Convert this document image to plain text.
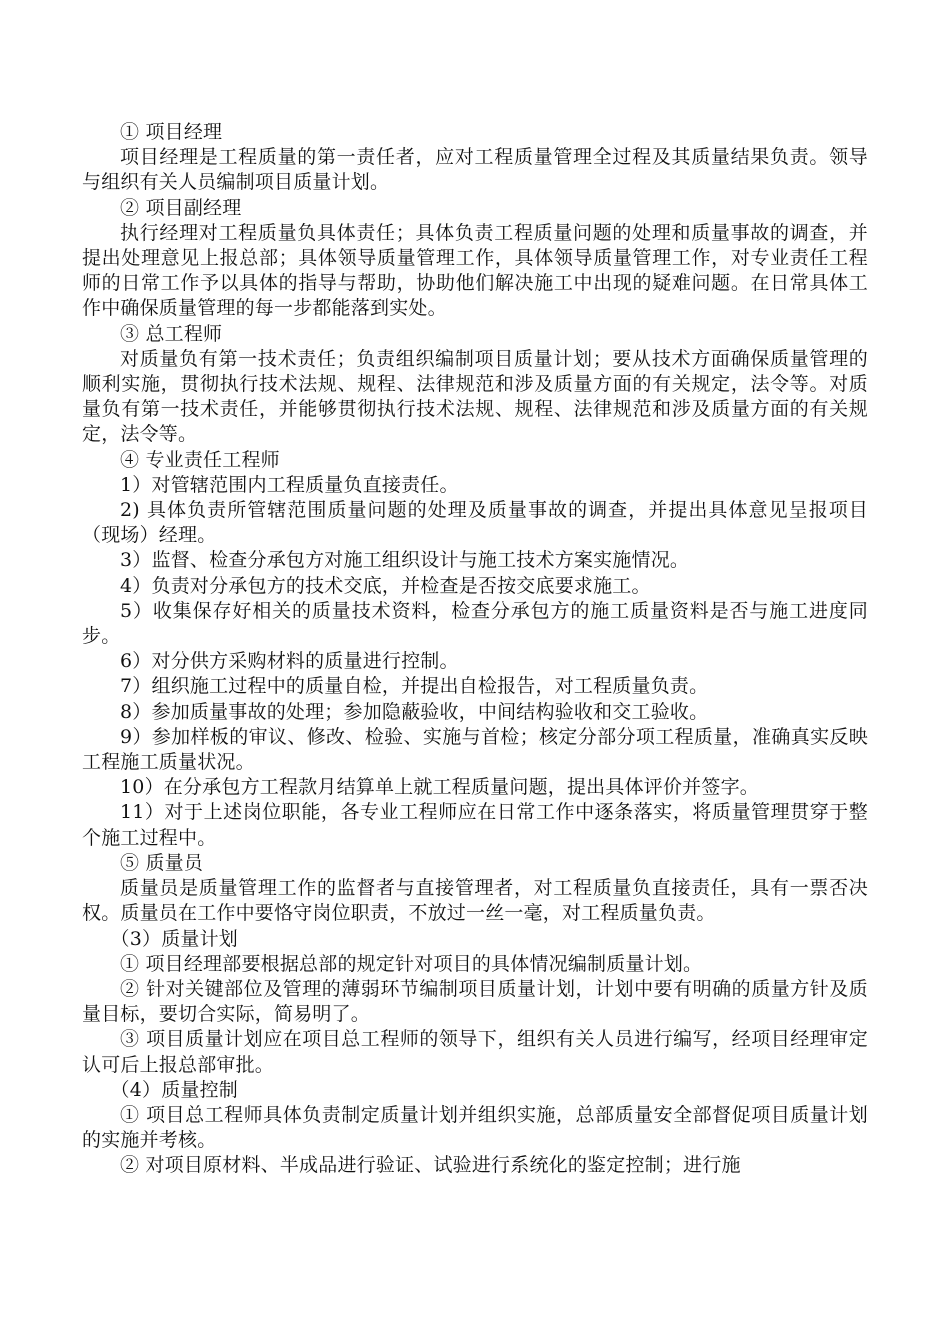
① 项目经理

项目经理是工程质量的第一责任者，应对工程质量管理全过程及其质量结果负责。领导与组织有关人员编制项目质量计划。

② 项目副经理

执行经理对工程质量负具体责任；具体负责工程质量问题的处理和质量事故的调查，并提出处理意见上报总部；具体领导质量管理工作，具体领导质量管理工作，对专业责任工程师的日常工作予以具体的指导与帮助，协助他们解决施工中出现的疑难问题。在日常具体工作中确保质量管理的每一步都能落到实处。

③ 总工程师

对质量负有第一技术责任；负责组织编制项目质量计划；要从技术方面确保质量管理的顺利实施，贯彻执行技术法规、规程、法律规范和涉及质量方面的有关规定，法令等。对质量负有第一技术责任，并能够贯彻执行技术法规、规程、法律规范和涉及质量方面的有关规定，法令等。

④ 专业责任工程师

1）对管辖范围内工程质量负直接责任。

2) 具体负责所管辖范围质量问题的处理及质量事故的调查，并提出具体意见呈报项目（现场）经理。

3）监督、检查分承包方对施工组织设计与施工技术方案实施情况。

4）负责对分承包方的技术交底，并检查是否按交底要求施工。

5）收集保存好相关的质量技术资料，检查分承包方的施工质量资料是否与施工进度同步。

6）对分供方采购材料的质量进行控制。

7）组织施工过程中的质量自检，并提出自检报告，对工程质量负责。

8）参加质量事故的处理；参加隐蔽验收，中间结构验收和交工验收。

9）参加样板的审议、修改、检验、实施与首检；核定分部分项工程质量，准确真实反映工程施工质量状况。

10）在分承包方工程款月结算单上就工程质量问题，提出具体评价并签字。

11）对于上述岗位职能，各专业工程师应在日常工作中逐条落实，将质量管理贯穿于整个施工过程中。

⑤ 质量员

质量员是质量管理工作的监督者与直接管理者，对工程质量负直接责任，具有一票否决权。质量员在工作中要恪守岗位职责，不放过一丝一毫，对工程质量负责。

（3）质量计划

① 项目经理部要根据总部的规定针对项目的具体情况编制质量计划。

② 针对关键部位及管理的薄弱环节编制项目质量计划，计划中要有明确的质量方针及质量目标，要切合实际，简易明了。

③ 项目质量计划应在项目总工程师的领导下，组织有关人员进行编写，经项目经理审定认可后上报总部审批。

（4）质量控制

① 项目总工程师具体负责制定质量计划并组织实施，总部质量安全部督促项目质量计划的实施并考核。

② 对项目原材料、半成品进行验证、试验进行系统化的鉴定控制；进行施
